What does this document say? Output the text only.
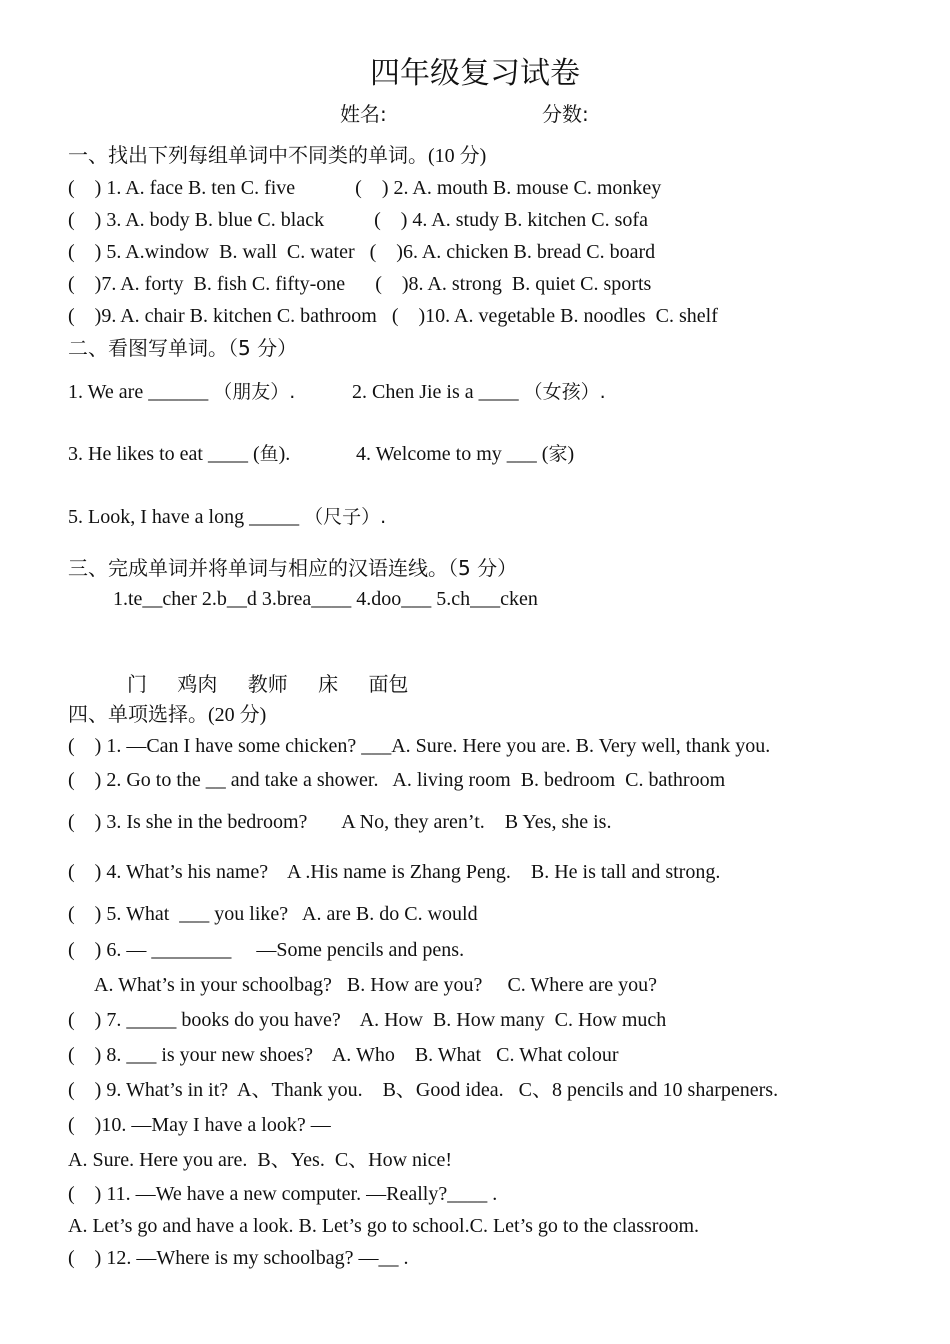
四年级复习试卷
姓名:	分数:
一、找出下列每组单词中不同类的单词。(10 分)
(    ) 1. A. face B. ten C. five            (    ) 2. A. mouth B. mouse C. monkey
(    ) 3. A. body B. blue C. black          (    ) 4. A. study B. kitchen C. sofa
(    ) 5. A.window  B. wall  C. water   (    )6. A. chicken B. bread C. board
(    )7. A. forty  B. fish C. fifty-one      (    )8. A. strong  B. quiet C. sports
(    )9. A. chair B. kitchen C. bathroom   (    )10. A. vegetable B. noodles  C. shelf
二、看图写单词。（5 分）
1. We are ______ （朋友）.	2. Chen Jie is a ____ （女孩）.
3. He likes to eat ____ (鱼).	4. Welcome to my ___ (家)
5. Look, I have a long _____ （尺子）.
三、完成单词并将单词与相应的汉语连线。（5 分）
1.te__cher 2.b__d 3.brea____ 4.doo___ 5.ch___cken
门 鸡肉 教师 床 面包
四、单项选择。(20 分)
(    ) 1. —Can I have some chicken? ___A. Sure. Here you are. B. Very well, thank you.
(    ) 2. Go to the __ and take a shower.   A. living room  B. bedroom  C. bathroom
(    ) 3. Is she in the bedroom?       A No, they aren’t.    B Yes, she is.
(    ) 4. What’s his name?    A .His name is Zhang Peng.    B. He is tall and strong.
(    ) 5. What  ___ you like?   A. are B. do C. would
(    ) 6. — ________     —Some pencils and pens.
A. What’s in your schoolbag?   B. How are you?     C. Where are you?
(    ) 7. _____ books do you have?    A. How  B. How many  C. How much
(    ) 8. ___ is your new shoes?    A. Who    B. What   C. What colour
(    ) 9. What’s in it?  A、Thank you.    B、Good idea.   C、8 pencils and 10 sharpeners.
(    )10. —May I have a look? —
A. Sure. Here you are.  B、Yes.  C、How nice!
(    ) 11. —We have a new computer. —Really?____ .
A. Let’s go and have a look. B. Let’s go to school.C. Let’s go to the classroom.
(    ) 12. —Where is my schoolbag? —__ .
